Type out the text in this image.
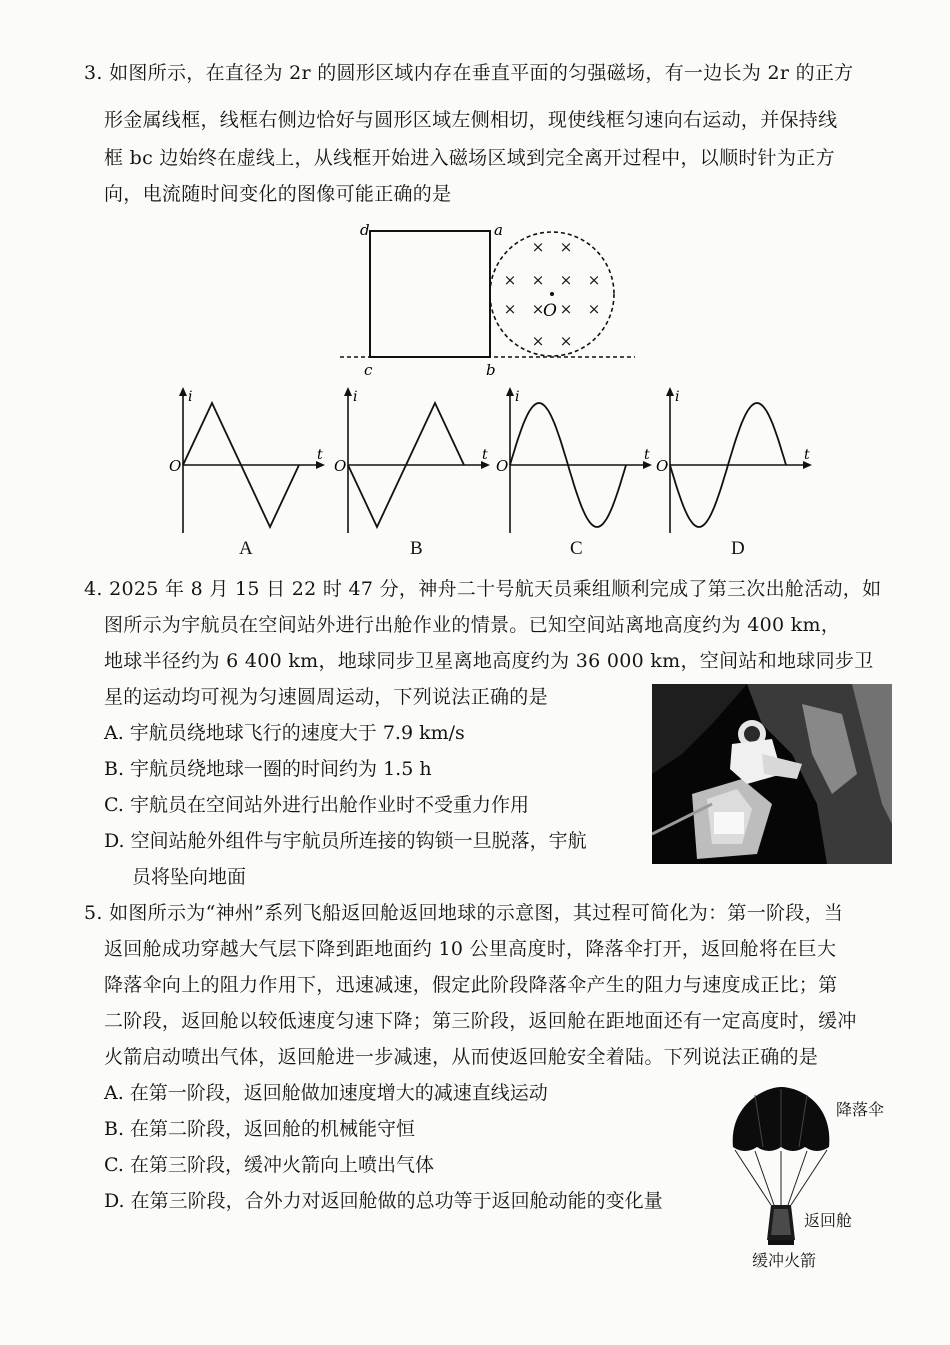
3. 如图所示，在直径为 2r 的圆形区域内存在垂直平面的匀强磁场，有一边长为 2r 的正方
形金属线框，线框右侧边恰好与圆形区域左侧相切，现使线框匀速向右运动，并保持线
框 bc 边始终在虚线上，从线框开始进入磁场区域到完全离开过程中，以顺时针为正方
向，电流随时间变化的图像可能正确的是
× ×
× × × ×
× × × ×
× ×
O
d	a
c	b
O
i
t
O
i
t
O
i
t
O
i
t
A	B	C	D
4. 2025 年 8 月 15 日 22 时 47 分，神舟二十号航天员乘组顺利完成了第三次出舱活动，如
图所示为宇航员在空间站外进行出舱作业的情景。已知空间站离地高度约为 400 km，
地球半径约为 6 400 km，地球同步卫星离地高度约为 36 000 km，空间站和地球同步卫
星的运动均可视为匀速圆周运动，下列说法正确的是
A. 宇航员绕地球飞行的速度大于 7.9 km/s
B. 宇航员绕地球一圈的时间约为 1.5 h
C. 宇航员在空间站外进行出舱作业时不受重力作用
D. 空间站舱外组件与宇航员所连接的钩锁一旦脱落，宇航
员将坠向地面
5. 如图所示为“神州”系列飞船返回舱返回地球的示意图，其过程可简化为：第一阶段，当
返回舱成功穿越大气层下降到距地面约 10 公里高度时，降落伞打开，返回舱将在巨大
降落伞向上的阻力作用下，迅速减速，假定此阶段降落伞产生的阻力与速度成正比；第
二阶段，返回舱以较低速度匀速下降；第三阶段，返回舱在距地面还有一定高度时，缓冲
火箭启动喷出气体，返回舱进一步减速，从而使返回舱安全着陆。下列说法正确的是
A. 在第一阶段，返回舱做加速度增大的减速直线运动
B. 在第二阶段，返回舱的机械能守恒
C. 在第三阶段，缓冲火箭向上喷出气体
D. 在第三阶段，合外力对返回舱做的总功等于返回舱动能的变化量
降落伞
返回舱
缓冲火箭
